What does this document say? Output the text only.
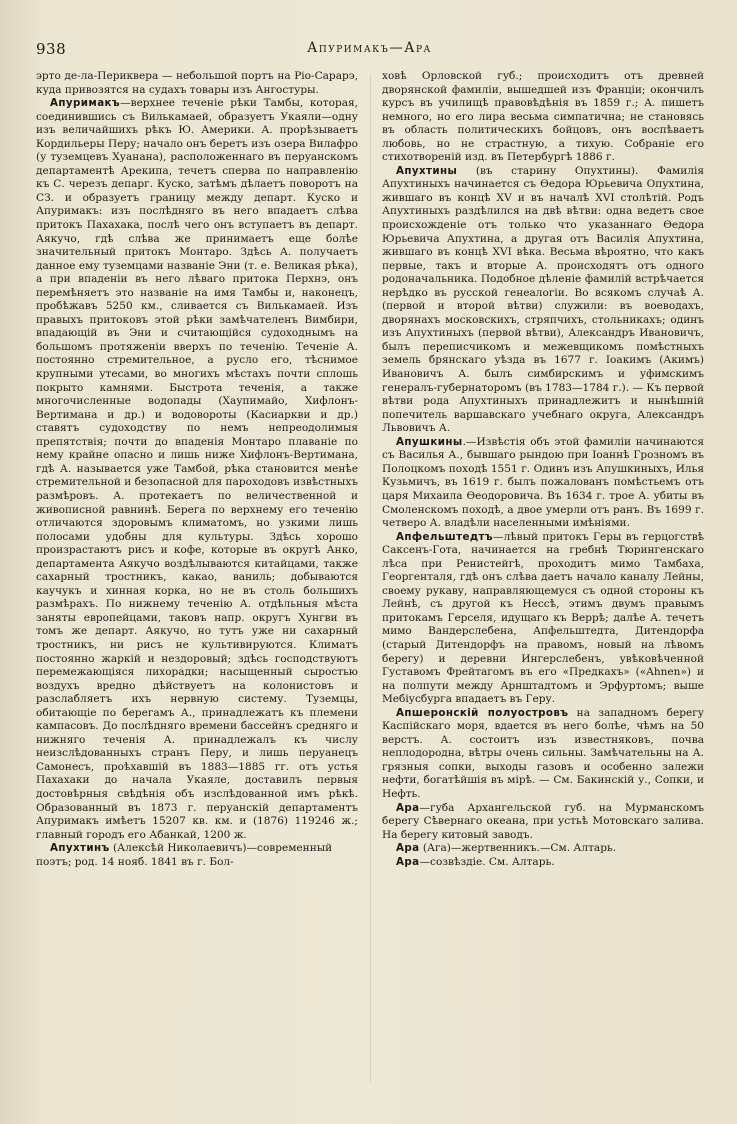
938	Апуримакъ—Ара

эрто де-ла-Перикверa — небольшой портъ на Ріо-Сарарэ, куда привозятся на судахъ товары изъ Ангостуры.

Апуримакъ—верхнее теченіе рѣки Тамбы, которая, соединившись съ Вилькамаей, образуетъ Укаяли—одну изъ величайшихъ рѣкъ Ю. Америки. А. прорѣзываетъ Кордильеры Перу; начало онъ беретъ изъ озера Вилафро (у туземцевъ Хуанана), расположеннаго въ перуанскомъ департаментѣ Арекипа, течетъ сперва по направленію къ С. черезъ депарг. Куско, затѣмъ дѣлаетъ поворотъ на СЗ. и образуетъ границу между департ. Куско и Апуримакъ: изъ послѣдняго въ него впадаетъ слѣва притокъ Пахахака, послѣ чего онъ вступаетъ въ департ. Аякучо, гдѣ слѣва же принимаетъ еще болѣе значительный притокъ Монтаро. Здѣсь А. получаетъ данное ему туземцами названіе Эни (т. е. Великая рѣка), а при впаденіи въ него лѣваго притока Перхнэ, онъ перемѣняетъ это названіе на имя Тамбы и, наконецъ, пробѣжавъ 5250 км., сливается съ Вилькамаей. Изъ правыхъ притоковъ этой рѣки замѣчателенъ Вимбири, впадающій въ Эни и считающійся судоходнымъ на большомъ протяженіи вверхъ по теченію. Теченіе А. постоянно стремительное, а русло его, тѣснимое крупными утесами, во многихъ мѣстахъ почти сплошь покрыто камнями. Быстрота теченія, а также многочисленные водопады (Хаупимайо, Хифлонъ-Вертимана и др.) и водовороты (Касиаркви и др.) ставятъ судоходству по немъ непреодолимыя препятствія; почти до впаденія Монтаро плаваніе по нему крайне опасно и лишь ниже Хифлонъ-Вертимана, гдѣ А. называется уже Тамбой, рѣка становится менѣе стремительной и безопасной для пароходовъ извѣстныхъ размѣровъ. А. протекаетъ по величественной и живописной равнинѣ. Берега по верхнему его теченію отличаются здоровымъ климатомъ, но узкими лишь полосами удобны для культуры. Здѣсь хорошо произрастаютъ рисъ и кофе, которые въ округѣ Анко, департамента Аякучо воздѣлываются китайцами, также сахарный тростникъ, какао, ваниль; добываются каучукъ и хинная корка, но не въ столь большихъ размѣрахъ. По нижнему теченію А. отдѣльныя мѣста заняты европейцами, таковъ напр. округъ Хунгви въ томъ же департ. Аякучо, но тутъ уже ни сахарный тростникъ, ни рисъ не культивируются. Климатъ постоянно жаркій и нездоровый; здѣсь господствуютъ перемежающіяся лихорадки; насыщенный сыростью воздухъ вредно дѣйствуетъ на колонистовъ и разслабляетъ ихъ нервную систему. Туземцы, обитающіе по берегамъ А., принадлежатъ къ племени кампасовъ. До послѣдняго времени бассейнъ средняго и нижняго теченія А. принадлежалъ къ числу неизслѣдованныхъ странъ Перу, и лишь перуанецъ Самонесъ, проѣхавшій въ 1883—1885 гг. отъ устья Пахахаки до начала Укаяле, доставилъ первыя достовѣрныя свѣдѣнія объ изслѣдованной имъ рѣкѣ. Образованный въ 1873 г. перуанскій департаментъ Апуримакъ имѣетъ 15207 кв. км. и (1876) 119246 ж.; главный городъ его Абанкай, 1200 ж.

Апухтинъ (Алексѣй Николаевичъ)—современный поэтъ; род. 14 нояб. 1841 въ г. Бол-

ховѣ Орловской губ.; происходитъ отъ древней дворянской фамиліи, вышедшей изъ Франціи; окончилъ курсъ въ училищѣ правовѣдѣнія въ 1859 г.; А. пишетъ немного, но его лира весьма симпатична; не становясь въ область политическихъ бойцовъ, онъ воспѣваетъ любовь, но не страстную, а тихую. Собраніе его стихотвореній изд. въ Петербургѣ 1886 г.

Апухтины (въ старину Опухтины). Фамилія Апухтиныхъ начинается съ Ѳедора Юрьевича Опухтина, жившаго въ концѣ XV и въ началѣ XVI столѣтій. Родъ Апухтиныхъ раздѣлился на двѣ вѣтви: одна ведетъ свое происхожденіе отъ только что указаннаго Ѳедора Юрьевича Апухтина, а другая отъ Василія Апухтина, жившаго въ концѣ XVI вѣка. Весьма вѣроятно, что какъ первые, такъ и вторые А. происходятъ отъ одного родоначальника. Подобное дѣленіе фамилій встрѣчается нерѣдко въ русской генеалогіи. Во всякомъ случаѣ А. (первой и второй вѣтви) служили: въ воеводахъ, дворянахъ московскихъ, стряпчихъ, стольникахъ; одинъ изъ Апухтиныхъ (первой вѣтви), Александръ Ивановичъ, былъ переписчикомъ и межевщикомъ помѣстныхъ земель брянскаго уѣзда въ 1677 г. Іоакимъ (Акимъ) Ивановичъ А. былъ симбирскимъ и уфимскимъ генералъ-губернаторомъ (въ 1783—1784 г.). — Къ первой вѣтви рода Апухтиныхъ принадлежитъ и нынѣшній попечитель варшавскаго учебнаго округа, Александръ Львовичъ А.

Апушкины.—Извѣстія объ этой фамиліи начинаются съ Василья А., бывшаго рындою при Іоаннѣ Грозномъ въ Полоцкомъ походѣ 1551 г. Одинъ изъ Апушкиныхъ, Илья Кузьмичъ, въ 1619 г. былъ пожалованъ помѣстьемъ отъ царя Михаила Ѳеодоровича. Въ 1634 г. трое А. убиты въ Смоленскомъ походѣ, а двое умерли отъ ранъ. Въ 1699 г. четверо А. владѣли населенными имѣніями.

Апфельштедтъ—лѣвый притокъ Геры въ герцогствѣ Саксенъ-Гота, начинается на гребнѣ Тюрингенскаго лѣса при Ренистейгѣ, проходитъ мимо Тамбаха, Георгенталя, гдѣ онъ слѣва даетъ начало каналу Лейны, своему рукаву, направляющемуся съ одной стороны къ Лейнѣ, съ другой къ Нессѣ, этимъ двумъ правымъ притокамъ Герселя, идущаго къ Веррѣ; далѣе А. течетъ мимо Вандерслебена, Апфельштедта, Дитендорфа (старый Дитендорфъ на правомъ, новый на лѣвомъ берегу) и деревни Ингерслебенъ, увѣковѣченной Густавомъ Фрейтагомъ въ его «Предкахъ» («Ahnen») и на полпути между Арнштадтомъ и Эрфуртомъ; выше Мебіусбурга впадаетъ въ Геру.

Апшеронскій полуостровъ на западномъ берегу Каспійскаго моря, вдается въ него болѣе, чѣмъ на 50 верстъ. А. состоитъ изъ известняковъ, почва неплодородна, вѣтры очень сильны. Замѣчательны на А. грязныя сопки, выходы газовъ и особенно залежи нефти, богатѣйшія въ мірѣ. — См. Бакинскій у., Сопки, и Нефть.

Ара—губа Архангельской губ. на Мурманскомъ берегу Сѣвернаго океана, при устьѣ Мотовскаго залива. На берегу китовый заводъ.

Ара (Ага)—жертвенникъ.—См. Алтарь.

Ара—созвѣздіе. См. Алтарь.
